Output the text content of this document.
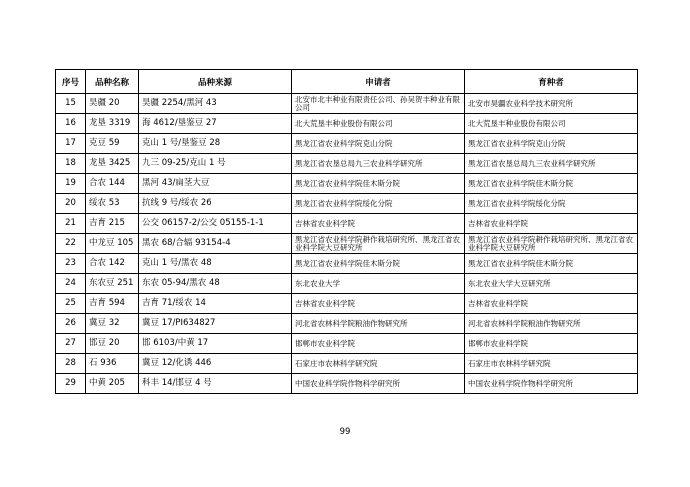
序号	品种名称	品种来源	申请者	育种者
15	昊疆 20	昊疆 2254/黑河 43	北安市北丰种业有限责任公司、孙吴贺丰种业有限公司	北安市昊疆农业科学技术研究所
16	龙垦 3319	海 4612/垦鉴豆 27	北大荒垦丰种业股份有限公司	北大荒垦丰种业股份有限公司
17	克豆 59	克山 1 号/垦鉴豆 28	黑龙江省农业科学院克山分院	黑龙江省农业科学院克山分院
18	龙垦 3425	九三 09-25/克山 1 号	黑龙江省农垦总局九三农业科学研究所	黑龙江省农垦总局九三农业科学研究所
19	合农 144	黑河 43/扁茎大豆	黑龙江省农业科学院佳木斯分院	黑龙江省农业科学院佳木斯分院
20	绥农 53	抗线 9 号/绥农 26	黑龙江省农业科学院绥化分院	黑龙江省农业科学院绥化分院
21	吉育 215	公交 06157-2/公交 05155-1-1	吉林省农业科学院	吉林省农业科学院
22	中龙豆 105	黑农 68/合辐 93154-4	黑龙江省农业科学院耕作栽培研究所、黑龙江省农业科学院大豆研究所	黑龙江省农业科学院耕作栽培研究所、黑龙江省农业科学院大豆研究所
23	合农 142	克山 1 号/黑农 48	黑龙江省农业科学院佳木斯分院	黑龙江省农业科学院佳木斯分院
24	东农豆 251	东农 05-94/黑农 48	东北农业大学	东北农业大学大豆研究所
25	吉育 594	吉育 71/绥农 14	吉林省农业科学院	吉林省农业科学院
26	冀豆 32	冀豆 17/PI634827	河北省农林科学院粮油作物研究所	河北省农林科学院粮油作物研究所
27	邯豆 20	邯 6103/中黄 17	邯郸市农业科学院	邯郸市农业科学院
28	石 936	冀豆 12/化诱 446	石家庄市农林科学研究院	石家庄市农林科学研究院
29	中黄 205	科丰 14/邯豆 4 号	中国农业科学院作物科学研究所	中国农业科学院作物科学研究所
99
